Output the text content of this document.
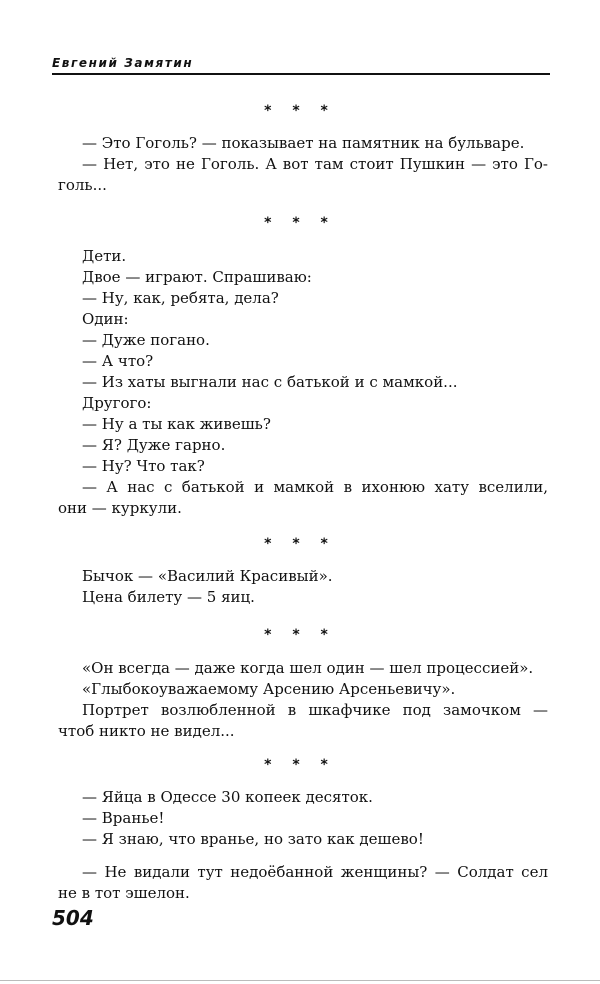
Евгений Замятин
* * *
— Это Гоголь? — показывает на памятник на бульваре.
— Нет, это не Гоголь. А вот там стоит Пушкин — это Го-
голь...
* * *
Дети.
Двое — играют. Спрашиваю:
— Ну, как, ребята, дела?
Один:
— Дуже погано.
— А что?
— Из хаты выгнали нас с батькой и с мамкой...
Другого:
— Ну а ты как живешь?
— Я? Дуже гарно.
— Ну? Что так?
— А нас с батькой и мамкой в ихонюю хату вселили,
они — куркули.
* * *
Бычок — «Василий Красивый».
Цена билету — 5 яиц.
* * *
«Он всегда — даже когда шел один — шел процессией».
«Глыбокоуважаемому Арсению Арсеньевичу».
Портрет возлюбленной в шкафчике под замочком —
чтоб никто не видел...
* * *
— Яйца в Одессе 30 копеек десяток.
— Вранье!
— Я знаю, что вранье, но зато как дешево!
— Не видали тут недоёбанной женщины? — Солдат сел
не в тот эшелон.
504
